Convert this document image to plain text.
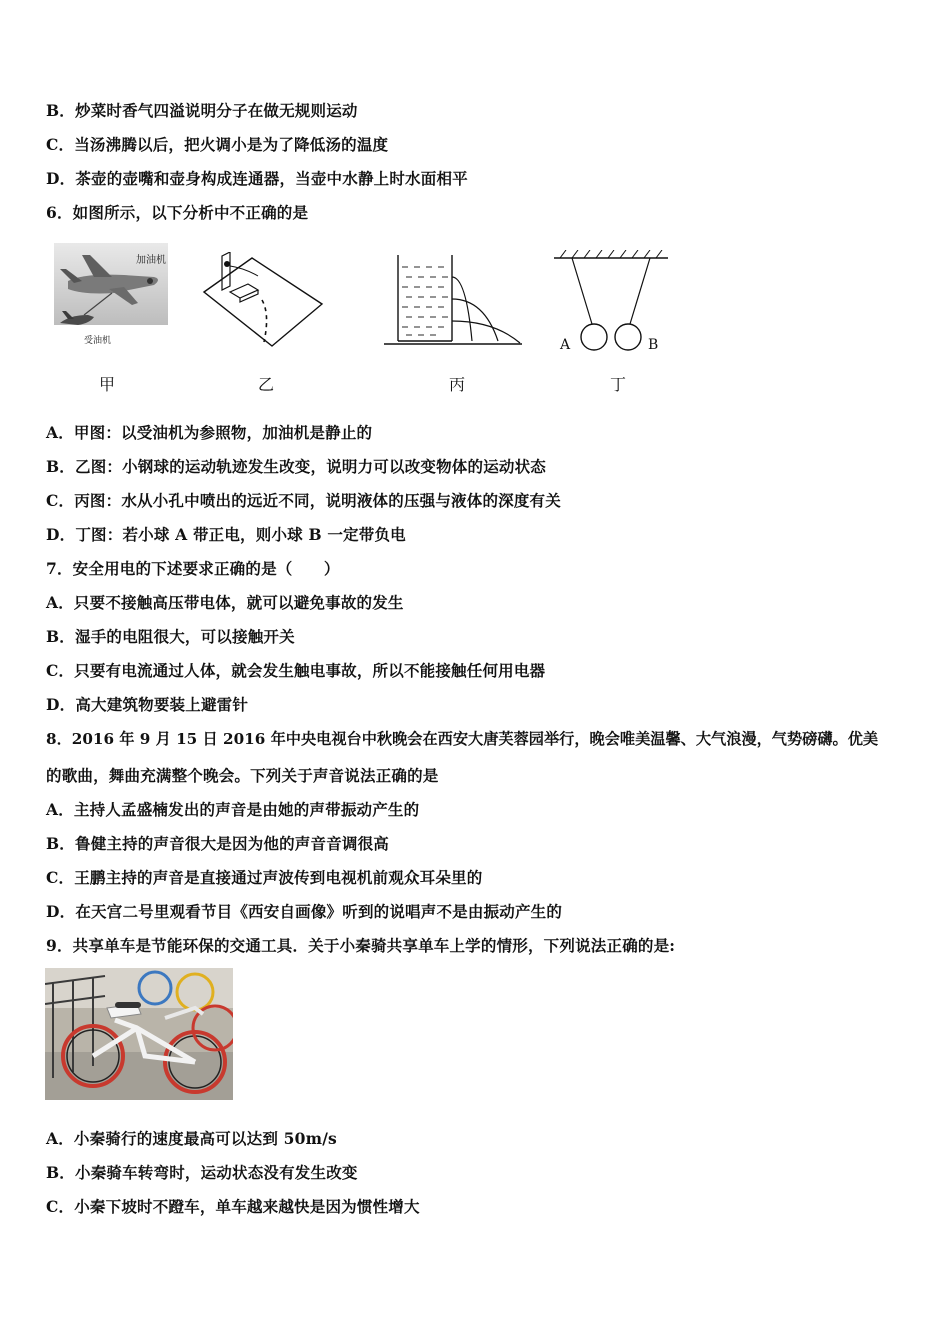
B．炒菜时香气四溢说明分子在做无规则运动
C．当汤沸腾以后，把火调小是为了降低汤的温度
D．茶壶的壶嘴和壶身构成连通器，当壶中水静上时水面相平
6．如图所示，以下分析中不正确的是
加油机
受油机
甲	乙	丙
A	B
丁
A．甲图：以受油机为参照物，加油机是静止的
B．乙图：小钢球的运动轨迹发生改变，说明力可以改变物体的运动状态
C．丙图：水从小孔中喷出的远近不同，说明液体的压强与液体的深度有关
D．丁图：若小球 A 带正电，则小球 B 一定带负电
7．安全用电的下述要求正确的是（　　）
A．只要不接触高压带电体，就可以避免事故的发生
B．湿手的电阻很大，可以接触开关
C．只要有电流通过人体，就会发生触电事故，所以不能接触任何用电器
D．高大建筑物要装上避雷针
8．2016 年 9 月 15 日 2016 年中央电视台中秋晚会在西安大唐芙蓉园举行，晚会唯美温馨、大气浪漫，气势磅礴。优美
的歌曲，舞曲充满整个晚会。下列关于声音说法正确的是
A．主持人孟盛楠发出的声音是由她的声带振动产生的
B．鲁健主持的声音很大是因为他的声音音调很高
C．王鹏主持的声音是直接通过声波传到电视机前观众耳朵里的
D．在天宫二号里观看节目《西安自画像》听到的说唱声不是由振动产生的
9．共享单车是节能环保的交通工具．关于小秦骑共享单车上学的情形，下列说法正确的是:
A．小秦骑行的速度最高可以达到 50m/s
B．小秦骑车转弯时，运动状态没有发生改变
C．小秦下坡时不蹬车，单车越来越快是因为惯性增大
